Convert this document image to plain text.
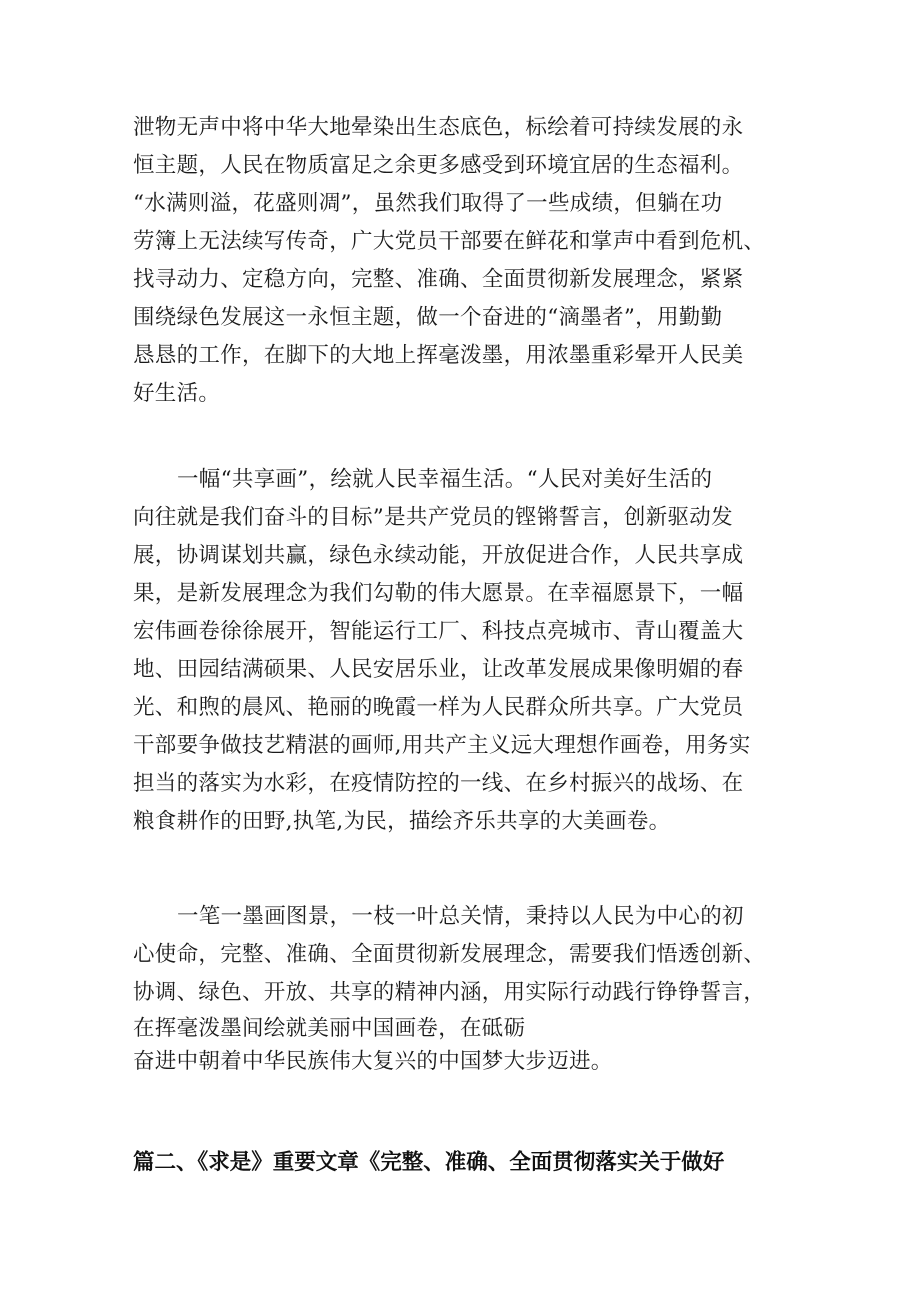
泄物无声中将中华大地晕染出生态底色，标绘着可持续发展的永
恒主题，人民在物质富足之余更多感受到环境宜居的生态福利。
“水满则溢，花盛则凋”，虽然我们取得了一些成绩，但躺在功
劳簿上无法续写传奇，广大党员干部要在鲜花和掌声中看到危机、
找寻动力、定稳方向，完整、准确、全面贯彻新发展理念，紧紧
围绕绿色发展这一永恒主题，做一个奋进的“滴墨者”，用勤勤
恳恳的工作，在脚下的大地上挥毫泼墨，用浓墨重彩晕开人民美
好生活。
一幅“共享画”，绘就人民幸福生活。“人民对美好生活的
向往就是我们奋斗的目标”是共产党员的铿锵誓言，创新驱动发
展，协调谋划共赢，绿色永续动能，开放促进合作，人民共享成
果，是新发展理念为我们勾勒的伟大愿景。在幸福愿景下，一幅
宏伟画卷徐徐展开，智能运行工厂、科技点亮城市、青山覆盖大
地、田园结满硕果、人民安居乐业，让改革发展成果像明媚的春
光、和煦的晨风、艳丽的晚霞一样为人民群众所共享。广大党员
干部要争做技艺精湛的画师,用共产主义远大理想作画卷，用务实
担当的落实为水彩，在疫情防控的一线、在乡村振兴的战场、在
粮食耕作的田野,执笔,为民，描绘齐乐共享的大美画卷。
一笔一墨画图景，一枝一叶总关情，秉持以人民为中心的初
心使命，完整、准确、全面贯彻新发展理念，需要我们悟透创新、
协调、绿色、开放、共享的精神内涵，用实际行动践行铮铮誓言，
在挥毫泼墨间绘就美丽中国画卷，在砥砺
奋进中朝着中华民族伟大复兴的中国梦大步迈进。
篇二、《求是》重要文章《完整、准确、全面贯彻落实关于做好
